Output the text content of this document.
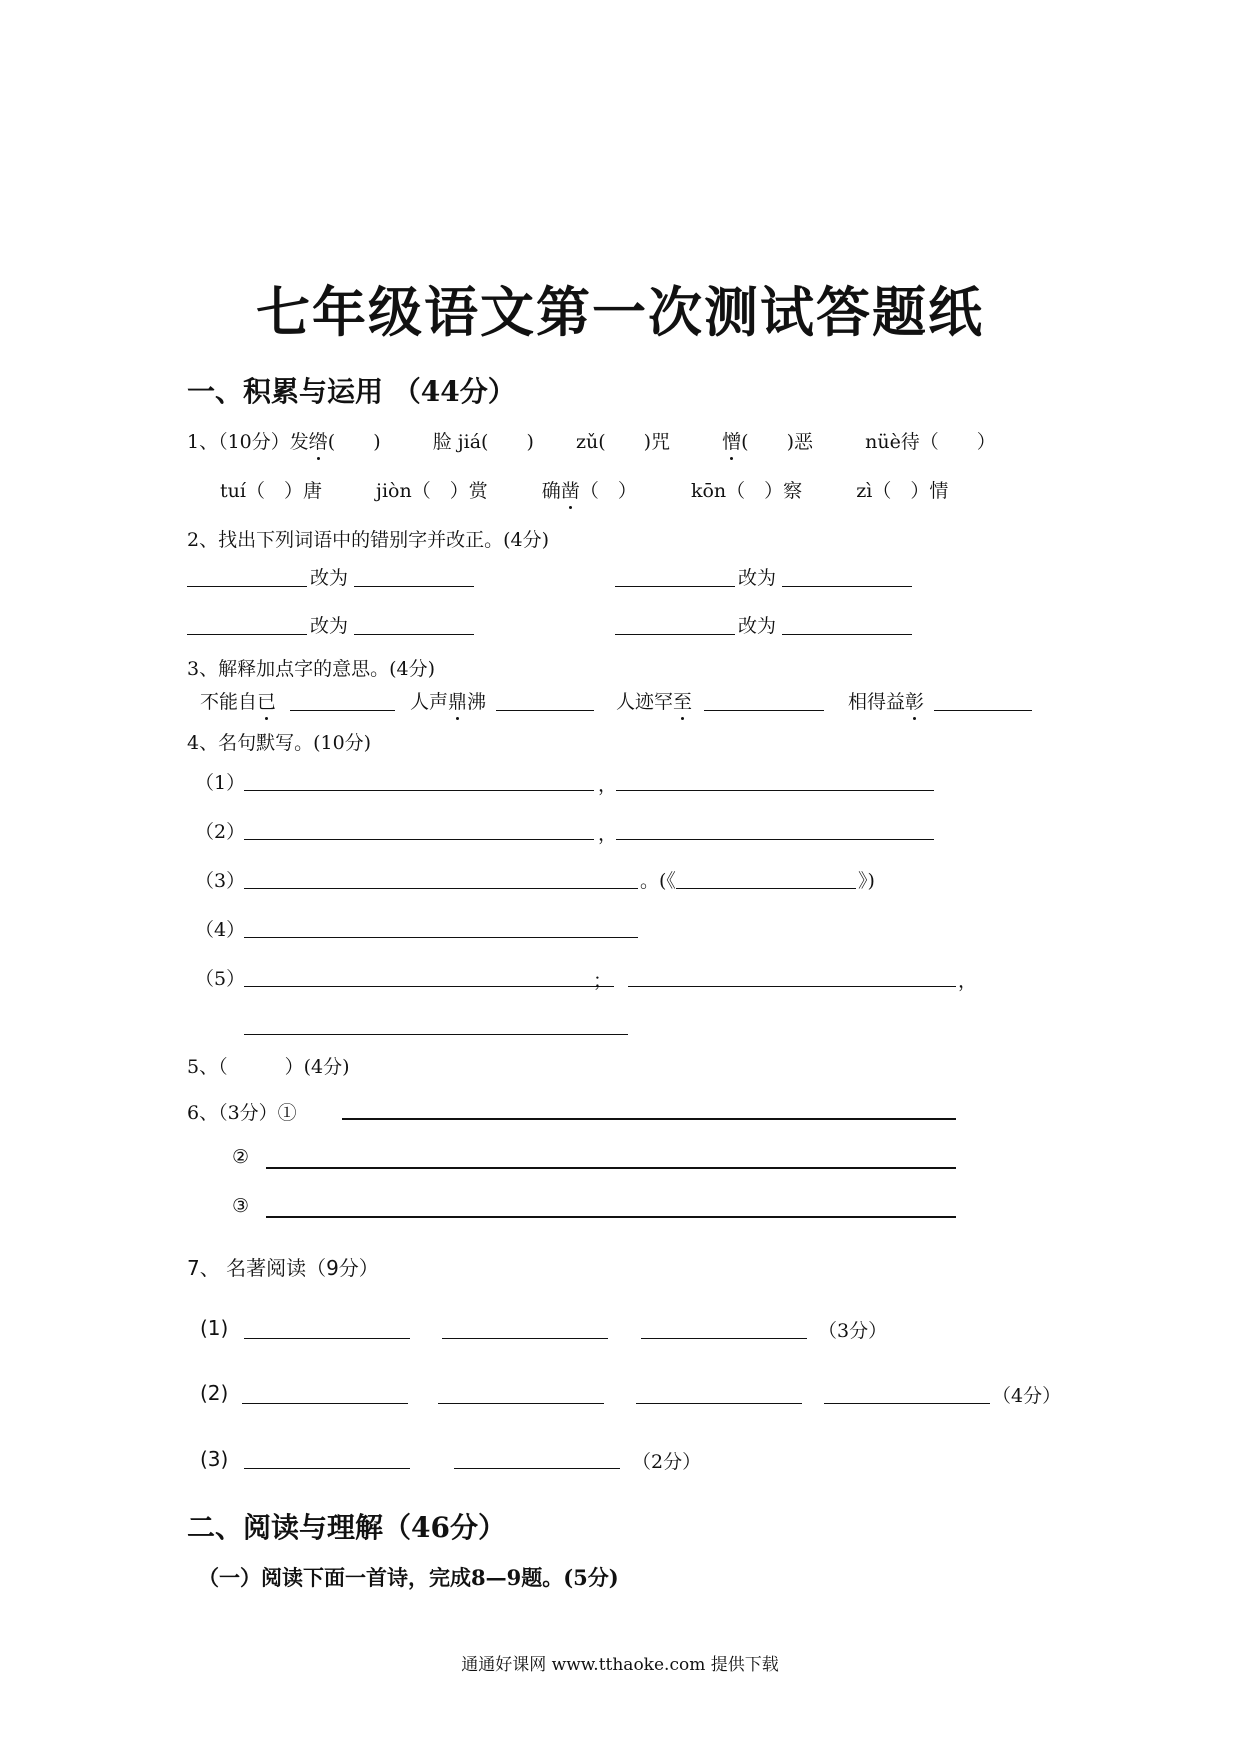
七年级语文第一次测试答题纸
一、积累与运用 （44分）
1、（10分）发绺(　　)	脸 jiá(　　) zǔ(　　)咒	憎(　　)恶	nüè待（　　）
tuí（　）唐	jiòn（　）赏	确凿（　）	kōn（　）察	zì（　）情
2、找出下列词语中的错别字并改正。(4分)
改为	改为
改为	改为
3、解释加点字的意思。(4分)
不能自已	人声鼎沸	人迹罕至	相得益彰
4、名句默写。(10分)
（1）	，
（2）	，
（3）	。(《	》)
（4）
（5）	；	，
5、（　　　）(4分)
6、（3分）①
②
③
7、 名著阅读（9分）
(1)	（3分）
(2)	（4分）
(3)	（2分）
二、阅读与理解（46分）
（一）阅读下面一首诗，完成8—9题。(5分)
通通好课网 www.tthaoke.com 提供下载
